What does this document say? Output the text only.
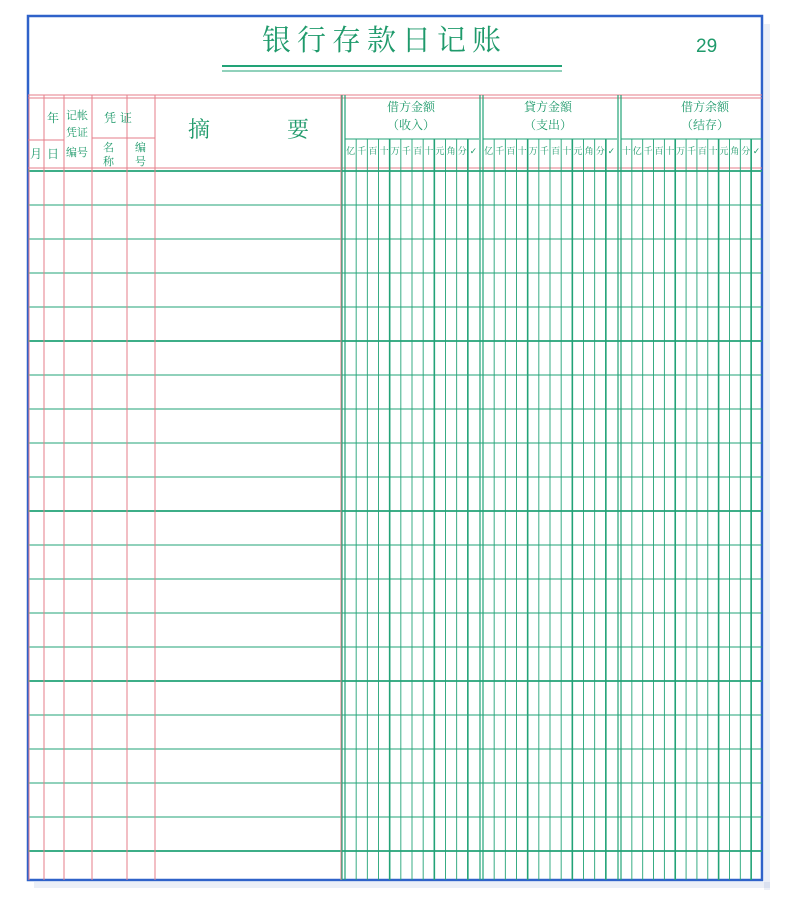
银行存款日记账	29
年
月 日
记帐
凭证
编号
凭 证
名
称
编
号
摘	要
借方金额
（收入）
貸方金額
（支出）
借方余额
（结存）
亿 千 百 十 万 千 百 十 元 角 分 ✓ 亿 千 百 十 万 千 百 十 元 角 分 ✓ 十 亿 千 百 十 万 千 百 十 元 角 分 ✓
